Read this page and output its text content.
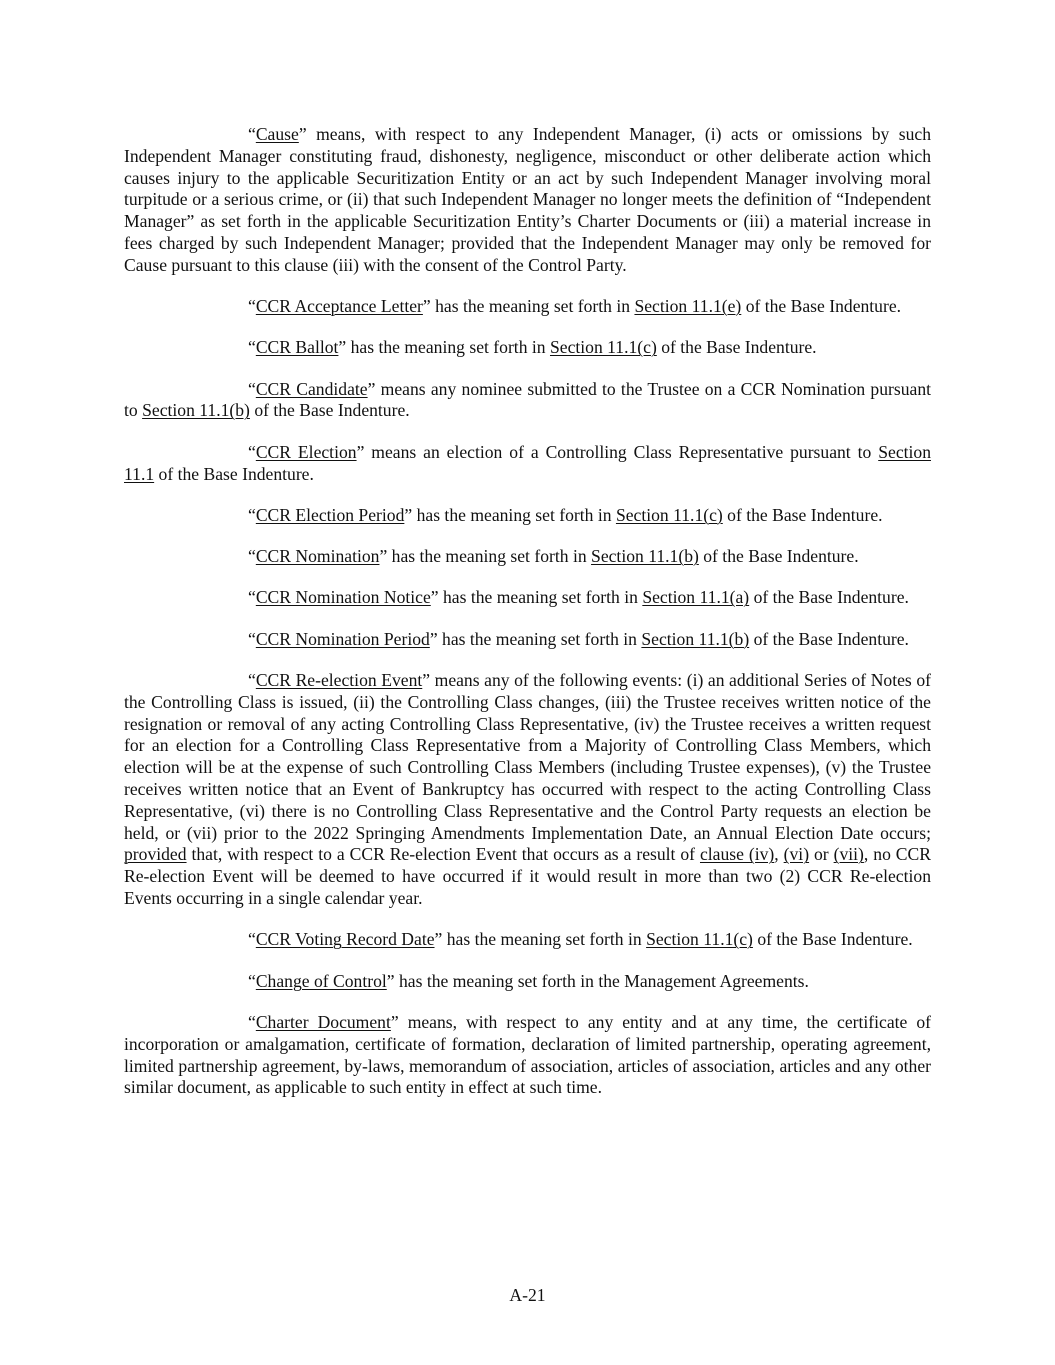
“Cause” means, with respect to any Independent Manager, (i) acts or omissions by such Independent Manager constituting fraud, dishonesty, negligence, misconduct or other deliberate action which causes injury to the applicable Securitization Entity or an act by such Independent Manager involving moral turpitude or a serious crime, or (ii) that such Independent Manager no longer meets the definition of “Independent Manager” as set forth in the applicable Securitization Entity’s Charter Documents or (iii) a material increase in fees charged by such Independent Manager; provided that the Independent Manager may only be removed for Cause pursuant to this clause (iii) with the consent of the Control Party.

“CCR Acceptance Letter” has the meaning set forth in Section 11.1(e) of the Base Indenture.

“CCR Ballot” has the meaning set forth in Section 11.1(c) of the Base Indenture.

“CCR Candidate” means any nominee submitted to the Trustee on a CCR Nomination pursuant to Section 11.1(b) of the Base Indenture.

“CCR Election” means an election of a Controlling Class Representative pursuant to Section 11.1 of the Base Indenture.

“CCR Election Period” has the meaning set forth in Section 11.1(c) of the Base Indenture.

“CCR Nomination” has the meaning set forth in Section 11.1(b) of the Base Indenture.

“CCR Nomination Notice” has the meaning set forth in Section 11.1(a) of the Base Indenture.

“CCR Nomination Period” has the meaning set forth in Section 11.1(b) of the Base Indenture.

“CCR Re-election Event” means any of the following events: (i) an additional Series of Notes of the Controlling Class is issued, (ii) the Controlling Class changes, (iii) the Trustee receives written notice of the resignation or removal of any acting Controlling Class Representative, (iv) the Trustee receives a written request for an election for a Controlling Class Representative from a Majority of Controlling Class Members, which election will be at the expense of such Controlling Class Members (including Trustee expenses), (v) the Trustee receives written notice that an Event of Bankruptcy has occurred with respect to the acting Controlling Class Representative, (vi) there is no Controlling Class Representative and the Control Party requests an election be held, or (vii) prior to the 2022 Springing Amendments Implementation Date, an Annual Election Date occurs; provided that, with respect to a CCR Re-election Event that occurs as a result of clause (iv), (vi) or (vii), no CCR Re-election Event will be deemed to have occurred if it would result in more than two (2) CCR Re-election Events occurring in a single calendar year.

“CCR Voting Record Date” has the meaning set forth in Section 11.1(c) of the Base Indenture.

“Change of Control” has the meaning set forth in the Management Agreements.

“Charter Document” means, with respect to any entity and at any time, the certificate of incorporation or amalgamation, certificate of formation, declaration of limited partnership, operating agreement, limited partnership agreement, by-laws, memorandum of association, articles of association, articles and any other similar document, as applicable to such entity in effect at such time.

A-21
